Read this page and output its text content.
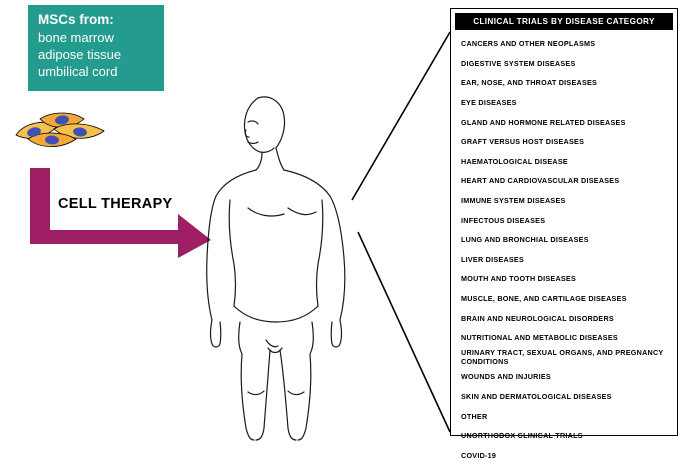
MSCs from:
bone marrow
adipose tissue
umbilical cord
CELL THERAPY
CLINICAL TRIALS BY DISEASE CATEGORY
CANCERS AND OTHER NEOPLASMS
DIGESTIVE SYSTEM DISEASES
EAR, NOSE, AND THROAT DISEASES
EYE DISEASES
GLAND AND HORMONE RELATED DISEASES
GRAFT VERSUS HOST DISEASES
HAEMATOLOGICAL DISEASE
HEART AND CARDIOVASCULAR DISEASES
IMMUNE SYSTEM DISEASES
INFECTOUS DISEASES
LUNG AND BRONCHIAL DISEASES
LIVER DISEASES
MOUTH AND TOOTH DISEASES
MUSCLE, BONE, AND CARTILAGE DISEASES
BRAIN AND NEUROLOGICAL DISORDERS
NUTRITIONAL AND METABOLIC DISEASES
URINARY TRACT, SEXUAL ORGANS, AND PREGNANCY CONDITIONS
WOUNDS AND INJURIES
SKIN AND DERMATOLOGICAL DISEASES
OTHER
UNORTHODOX CLINICAL TRIALS
COVID-19
